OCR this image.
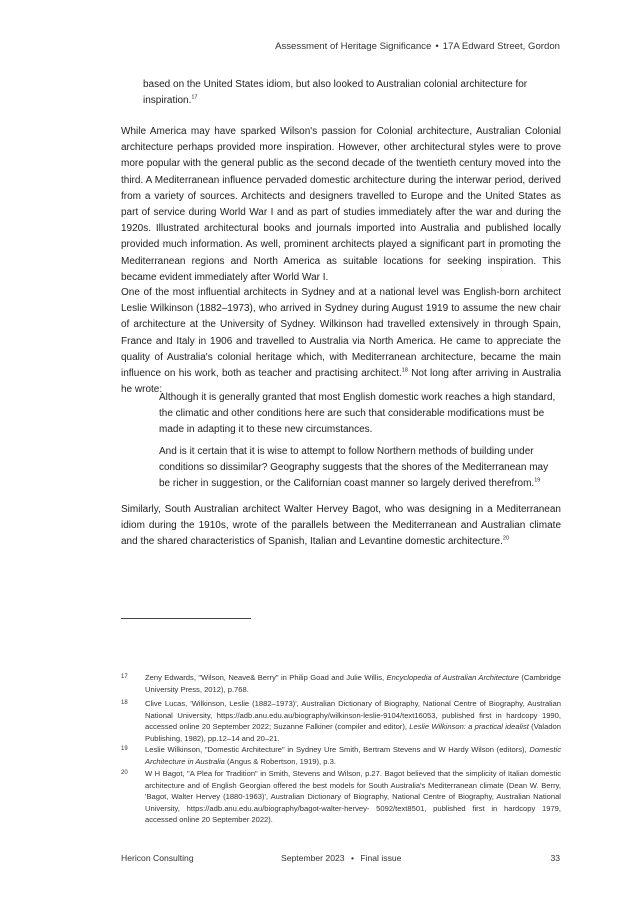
Assessment of Heritage Significance • 17A Edward Street, Gordon

based on the United States idiom, but also looked to Australian colonial architecture for inspiration.$^{17}$

While America may have sparked Wilson's passion for Colonial architecture, Australian Colonial architecture perhaps provided more inspiration. However, other architectural styles were to prove more popular with the general public as the second decade of the twentieth century moved into the third. A Mediterranean influence pervaded domestic architecture during the interwar period, derived from a variety of sources. Architects and designers travelled to Europe and the United States as part of service during World War I and as part of studies immediately after the war and during the 1920s. Illustrated architectural books and journals imported into Australia and published locally provided much information. As well, prominent architects played a significant part in promoting the Mediterranean regions and North America as suitable locations for seeking inspiration. This became evident immediately after World War I.

One of the most influential architects in Sydney and at a national level was English-born architect Leslie Wilkinson (1882–1973), who arrived in Sydney during August 1919 to assume the new chair of architecture at the University of Sydney. Wilkinson had travelled extensively in through Spain, France and Italy in 1906 and travelled to Australia via North America. He came to appreciate the quality of Australia's colonial heritage which, with Mediterranean architecture, became the main influence on his work, both as teacher and practising architect.$^{18}$ Not long after arriving in Australia he wrote:

Although it is generally granted that most English domestic work reaches a high standard, the climatic and other conditions here are such that considerable modifications must be made in adapting it to these new circumstances.

And is it certain that it is wise to attempt to follow Northern methods of building under conditions so dissimilar? Geography suggests that the shores of the Mediterranean may be richer in suggestion, or the Californian coast manner so largely derived therefrom.$^{19}$

Similarly, South Australian architect Walter Hervey Bagot, who was designing in a Mediterranean idiom during the 1910s, wrote of the parallels between the Mediterranean and Australian climate and the shared characteristics of Spanish, Italian and Levantine domestic architecture.$^{20}$

17 Zeny Edwards, "Wilson, Neave& Berry" in Philip Goad and Julie Willis, Encyclopedia of Australian Architecture (Cambridge University Press, 2012), p.768.
18 Clive Lucas, 'Wilkinson, Leslie (1882–1973)', Australian Dictionary of Biography, National Centre of Biography, Australian National University, https://adb.anu.edu.au/biography/wilkinson-leslie-9104/text16053, published first in hardcopy 1990, accessed online 20 September 2022; Suzanne Falkiner (compiler and editor), Leslie Wilkinson: a practical idealist (Valadon Publishing, 1982), pp.12–14 and 20–21.
19 Leslie Wilkinson, "Domestic Architecture" in Sydney Ure Smith, Bertram Stevens and W Hardy Wilson (editors), Domestic Architecture in Australia (Angus & Robertson, 1919), p.3.
20 W H Bagot, "A Plea for Tradition" in Smith, Stevens and Wilson, p.27. Bagot believed that the simplicity of Italian domestic architecture and of English Georgian offered the best models for South Australia's Mediterranean climate (Dean W. Berry, 'Bagot, Walter Hervey (1880-1963)', Australian Dictionary of Biography, National Centre of Biography, Australian National University, https://adb.anu.edu.au/biography/bagot-walter-hervey- 5092/text8501, published first in hardcopy 1979, accessed online 20 September 2022).
Hericon Consulting	September 2023 • Final issue	33
